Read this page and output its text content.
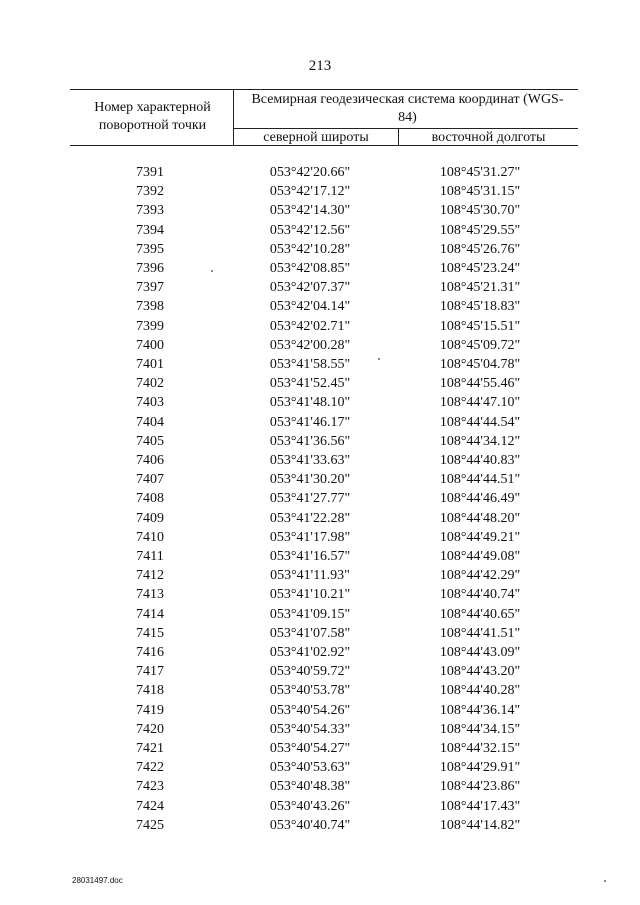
213
Номер характерной поворотной точки
Всемирная геодезическая система координат (WGS-84)
северной широты	восточной долготы
7391	053°42'20.66"	108°45'31.27"
7392	053°42'17.12"	108°45'31.15"
7393	053°42'14.30"	108°45'30.70"
7394	053°42'12.56"	108°45'29.55"
7395	053°42'10.28"	108°45'26.76"
7396	053°42'08.85"	108°45'23.24"
7397	053°42'07.37"	108°45'21.31"
7398	053°42'04.14"	108°45'18.83"
7399	053°42'02.71"	108°45'15.51"
7400	053°42'00.28"	108°45'09.72"
7401	053°41'58.55"	108°45'04.78"
7402	053°41'52.45"	108°44'55.46"
7403	053°41'48.10"	108°44'47.10"
7404	053°41'46.17"	108°44'44.54"
7405	053°41'36.56"	108°44'34.12"
7406	053°41'33.63"	108°44'40.83"
7407	053°41'30.20"	108°44'44.51"
7408	053°41'27.77"	108°44'46.49"
7409	053°41'22.28"	108°44'48.20"
7410	053°41'17.98"	108°44'49.21"
7411	053°41'16.57"	108°44'49.08"
7412	053°41'11.93"	108°44'42.29"
7413	053°41'10.21"	108°44'40.74"
7414	053°41'09.15"	108°44'40.65"
7415	053°41'07.58"	108°44'41.51"
7416	053°41'02.92"	108°44'43.09"
7417	053°40'59.72"	108°44'43.20"
7418	053°40'53.78"	108°44'40.28"
7419	053°40'54.26"	108°44'36.14"
7420	053°40'54.33"	108°44'34.15"
7421	053°40'54.27"	108°44'32.15"
7422	053°40'53.63"	108°44'29.91"
7423	053°40'48.38"	108°44'23.86"
7424	053°40'43.26"	108°44'17.43"
7425	053°40'40.74"	108°44'14.82"
28031497.doc
